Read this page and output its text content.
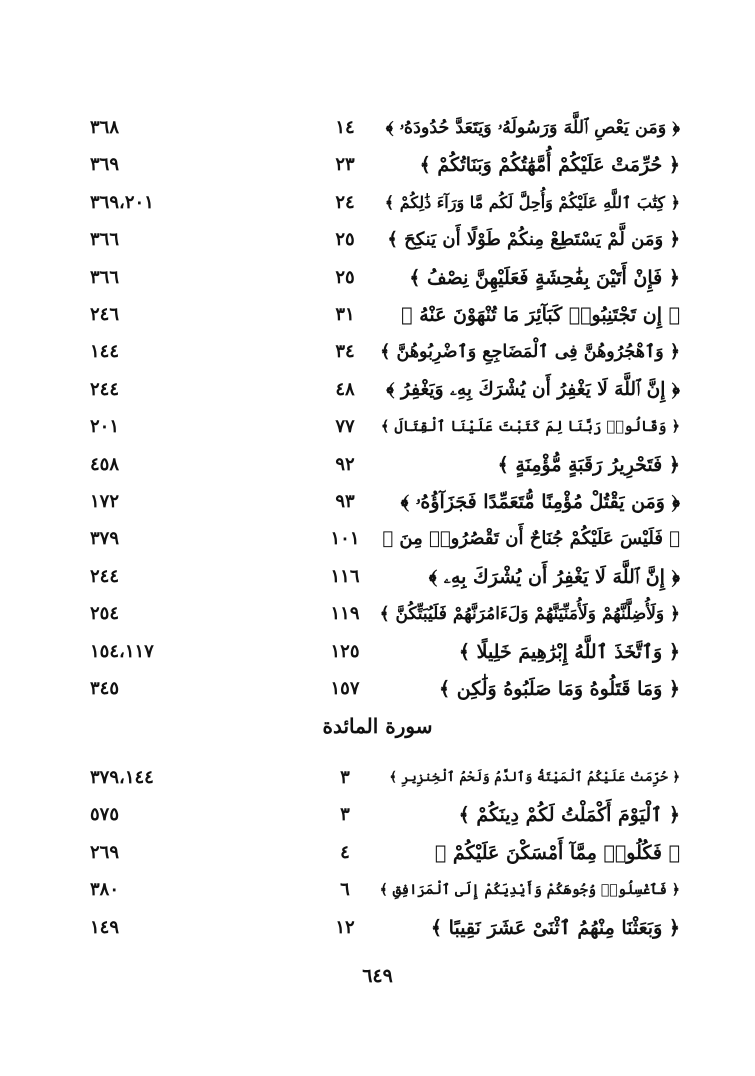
﴿ وَمَن يَعْصِ ٱللَّهَ وَرَسُولَهُۥ وَيَتَعَدَّ حُدُودَهُۥ ﴾
١٤
٣٦٨
﴿ حُرِّمَتْ عَلَيْكُمْ أُمَّهَٰتُكُمْ وَبَنَاتُكُمْ ﴾
٢٣
٣٦٩
﴿ كِتَٰبَ ٱللَّهِ عَلَيْكُمْ وَأُحِلَّ لَكُم مَّا وَرَآءَ ذَٰلِكُمْ ﴾
٢٤
٣٦٩،٢٠١
﴿ وَمَن لَّمْ يَسْتَطِعْ مِنكُمْ طَوْلًا أَن يَنكِحَ ﴾
٢٥
٣٦٦
﴿ فَإِنْ أَتَيْنَ بِفَٰحِشَةٍ فَعَلَيْهِنَّ نِصْفُ ﴾
٢٥
٣٦٦
﴿ إِن تَجْتَنِبُوا۟ كَبَآئِرَ مَا تُنْهَوْنَ عَنْهُ ﴾
٣١
٢٤٦
﴿ وَٱهْجُرُوهُنَّ فِى ٱلْمَضَاجِعِ وَٱضْرِبُوهُنَّ ﴾
٣٤
١٤٤
﴿ إِنَّ ٱللَّهَ لَا يَغْفِرُ أَن يُشْرَكَ بِهِۦ وَيَغْفِرُ ﴾
٤٨
٢٤٤
﴿ وَقَالُوا۟ رَبَّنَا لِمَ كَتَبْتَ عَلَيْنَا ٱلْقِتَالَ ﴾
٧٧
٢٠١
﴿ فَتَحْرِيرُ رَقَبَةٍ مُّؤْمِنَةٍ ﴾
٩٢
٤٥٨
﴿ وَمَن يَقْتُلْ مُؤْمِنًا مُّتَعَمِّدًا فَجَزَآؤُهُۥ ﴾
٩٣
١٧٢
﴿ فَلَيْسَ عَلَيْكُمْ جُنَاحٌ أَن تَقْصُرُوا۟ مِنَ ﴾
١٠١
٣٧٩
﴿ إِنَّ ٱللَّهَ لَا يَغْفِرُ أَن يُشْرَكَ بِهِۦ ﴾
١١٦
٢٤٤
﴿ وَلَأُضِلَّنَّهُمْ وَلَأُمَنِّيَنَّهُمْ وَلَءَامُرَنَّهُمْ فَلَيُبَتِّكُنَّ ﴾
١١٩
٢٥٤
﴿ وَٱتَّخَذَ ٱللَّهُ إِبْرَٰهِيمَ خَلِيلًا ﴾
١٢٥
١٥٤،١١٧
﴿ وَمَا قَتَلُوهُ وَمَا صَلَبُوهُ وَلَٰكِن ﴾
١٥٧
٣٤٥
سورة المائدة
﴿ حُرِّمَتْ عَلَيْكُمُ ٱلْمَيْتَةُ وَٱلدَّمُ وَلَحْمُ ٱلْخِنزِيرِ ﴾
٣
٣٧٩،١٤٤
﴿ ٱلْيَوْمَ أَكْمَلْتُ لَكُمْ دِينَكُمْ ﴾
٣
٥٧٥
﴿ فَكُلُوا۟ مِمَّآ أَمْسَكْنَ عَلَيْكُمْ ﴾
٤
٢٦٩
﴿ فَٱغْسِلُوا۟ وُجُوهَكُمْ وَأَيْدِيَكُمْ إِلَى ٱلْمَرَافِقِ ﴾
٦
٣٨٠
﴿ وَبَعَثْنَا مِنْهُمُ ٱثْنَىْ عَشَرَ نَقِيبًا ﴾
١٢
١٤٩
٦٤٩
